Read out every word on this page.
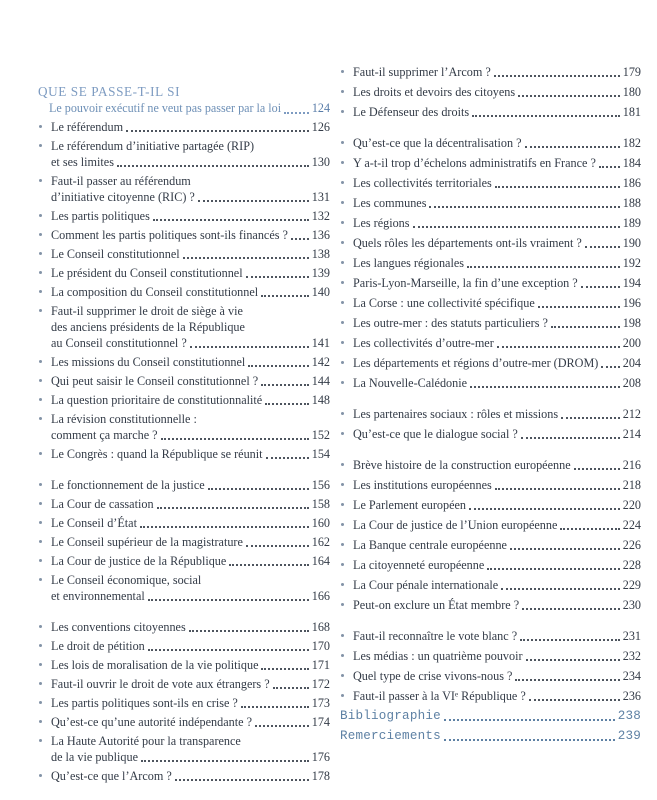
QUE SE PASSE-T-IL SI
Le pouvoir exécutif ne veut pas passer par la loi	124
Le référendum	126
Le référendum d’initiative partagée (RIP)
et ses limites	130
Faut-il passer au référendum
d’initiative citoyenne (RIC) ?	131
Les partis politiques	132
Comment les partis politiques sont-ils financés ? 136
Le Conseil constitutionnel	138
Le président du Conseil constitutionnel	139
La composition du Conseil constitutionnel	140
Faut-il supprimer le droit de siège à vie
des anciens présidents de la République
au Conseil constitutionnel ?	141
Les missions du Conseil constitutionnel	142
Qui peut saisir le Conseil constitutionnel ?	144
La question prioritaire de constitutionnalité	148
La révision constitutionnelle :
comment ça marche ?	152
Le Congrès : quand la République se réunit	154
Le fonctionnement de la justice	156
La Cour de cassation	158
Le Conseil d’État	160
Le Conseil supérieur de la magistrature	162
La Cour de justice de la République	164
Le Conseil économique, social
et environnemental	166
Les conventions citoyennes	168
Le droit de pétition	170
Les lois de moralisation de la vie politique	171
Faut-il ouvrir le droit de vote aux étrangers ?	172
Les partis politiques sont-ils en crise ?	173
Qu’est-ce qu’une autorité indépendante ?	174
La Haute Autorité pour la transparence
de la vie publique	176
Qu’est-ce que l’Arcom ?	178
Faut-il supprimer l’Arcom ?	179
Les droits et devoirs des citoyens	180
Le Défenseur des droits	181
Qu’est-ce que la décentralisation ?	182
Y a-t-il trop d’échelons administratifs en France ? 184
Les collectivités territoriales	186
Les communes	188
Les régions	189
Quels rôles les départements ont-ils vraiment ?	190
Les langues régionales	192
Paris-Lyon-Marseille, la fin d’une exception ?	194
La Corse : une collectivité spécifique	196
Les outre-mer : des statuts particuliers ?	198
Les collectivités d’outre-mer	200
Les départements et régions d’outre-mer (DROM) 204
La Nouvelle-Calédonie	208
Les partenaires sociaux : rôles et missions	212
Qu’est-ce que le dialogue social ?	214
Brève histoire de la construction européenne	216
Les institutions européennes	218
Le Parlement européen	220
La Cour de justice de l’Union européenne	224
La Banque centrale européenne	226
La citoyenneté européenne	228
La Cour pénale internationale	229
Peut-on exclure un État membre ?	230
Faut-il reconnaître le vote blanc ?	231
Les médias : un quatrième pouvoir	232
Quel type de crise vivons-nous ?	234
Faut-il passer à la VIᵉ République ?	236
Bibliographie	238
Remerciements	239
